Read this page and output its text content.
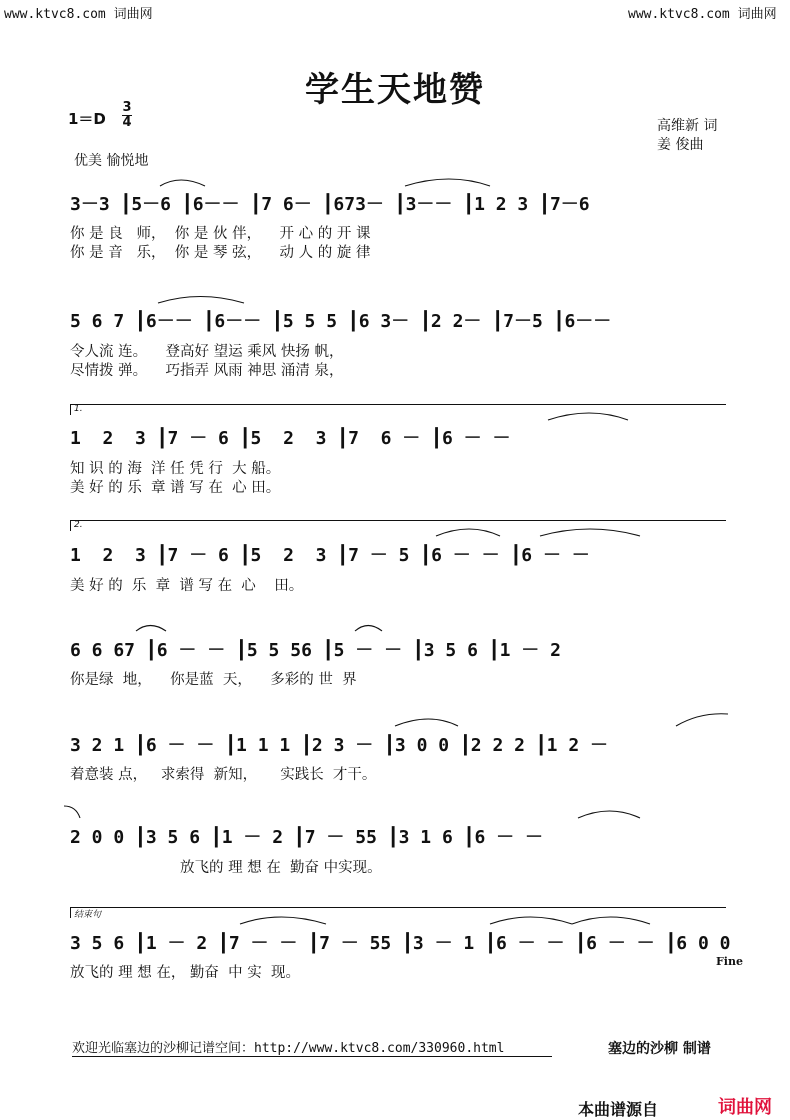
www.ktvc8.com 词曲网	www.ktvc8.com 词曲网
学生天地赞
1＝D
3
4	高维新 词
姜 俊曲
优美 愉悦地
3－3 ┃5－6 ┃6－－ ┃7 6－ ┃673－ ┃3－－ ┃1 2 3 ┃7－6
你 是 良   师，  你 是 伙 伴，    开 心 的 开 课
你 是 音   乐，  你 是 琴 弦，    动 人 的 旋 律
5 6 7 ┃6－－ ┃6－－ ┃5 5 5 ┃6 3－ ┃2 2－ ┃7－5 ┃6－－
令人流 连。    登高好 望运 乘风 快扬 帆，
尽情拨 弹。    巧指弄 风雨 神思 涌清 泉，
1.
1  2  3 ┃7 － 6 ┃5  2  3 ┃7  6 － ┃6 － －
知 识 的 海  洋 任 凭 行  大 船。
美 好 的 乐  章 谱 写 在  心 田。
2.
1  2  3 ┃7 － 6 ┃5  2  3 ┃7 － 5 ┃6 － － ┃6 － －
美 好 的  乐  章  谱 写 在  心    田。
6 6 67 ┃6 － － ┃5 5 56 ┃5 － － ┃3 5 6 ┃1 － 2
你是绿  地，    你是蓝  天，    多彩的 世  界
3 2 1 ┃6 － － ┃1 1 1 ┃2 3 － ┃3 0 0 ┃2 2 2 ┃1 2 －
着意装 点，   求索得  新知，     实践长  才干。
2 0 0 ┃3 5 6 ┃1 － 2 ┃7 － 55 ┃3 1 6 ┃6 － －
放飞的 理 想 在  勤奋 中实现。
结束句
3 5 6 ┃1 － 2 ┃7 － － ┃7 － 55 ┃3 － 1 ┃6 － － ┃6 － － ┃6 0 0
放飞的 理 想 在， 勤奋  中 实  现。
Fine
欢迎光临塞边的沙柳记谱空间：http://www.ktvc8.com/330960.html	塞边的沙柳 制谱
本曲谱源自	词曲网
